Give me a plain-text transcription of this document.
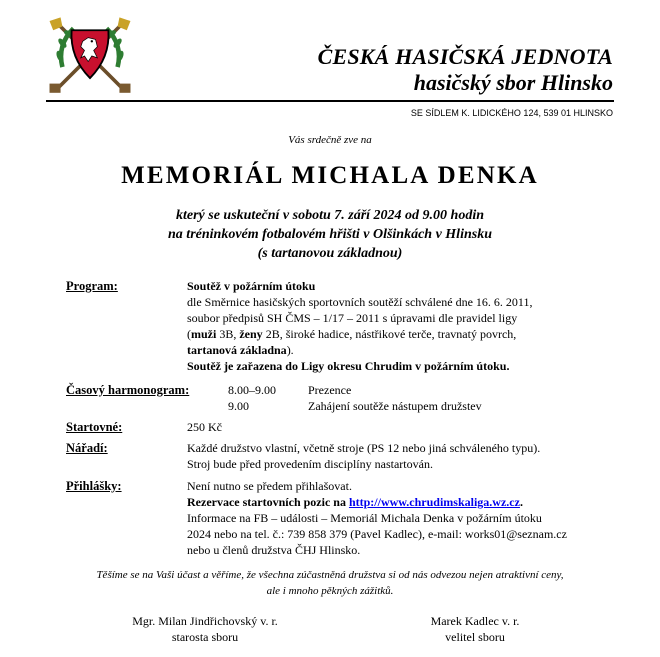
ČESKÁ HASIČSKÁ JEDNOTA
hasičský sbor Hlinsko
SE SÍDLEM K. LIDICKÉHO 124, 539 01 HLINSKO
Vás srdečně zve na
MEMORIÁL MICHALA DENKA
který se uskuteční v sobotu 7. září 2024 od 9.00 hodin
na tréninkovém fotbalovém hřišti v Olšinkách v Hlinsku
(s tartanovou základnou)
Program:	Soutěž v požárním útoku
dle Směrnice hasičských sportovních soutěží schválené dne 16. 6. 2011,
soubor předpisů SH ČMS – 1/17 – 2011 s úpravami dle pravidel ligy
(muži 3B, ženy 2B, široké hadice, nástřikové terče, travnatý povrch,
tartanová základna).
Soutěž je zařazena do Ligy okresu Chrudim v požárním útoku.
Časový harmonogram:	8.00–9.00	Prezence
9.00	Zahájení soutěže nástupem družstev
Startovné:	250 Kč
Nářadí:	Každé družstvo vlastní, včetně stroje (PS 12 nebo jiná schváleného typu).
Stroj bude před provedením disciplíny nastartován.
Přihlášky:	Není nutno se předem přihlašovat.
Rezervace startovních pozic na http://www.chrudimskaliga.wz.cz.
Informace na FB – události – Memoriál Michala Denka v požárním útoku
2024 nebo na tel. č.: 739 858 379 (Pavel Kadlec), e-mail: works01@seznam.cz
nebo u členů družstva ČHJ Hlinsko.
Těšíme se na Vaši účast a věříme, že všechna zúčastněná družstva si od nás odvezou nejen atraktivní ceny,
ale i mnoho pěkných zážitků.
Mgr. Milan Jindřichovský v. r.
starosta sboru
Marek Kadlec v. r.
velitel sboru
